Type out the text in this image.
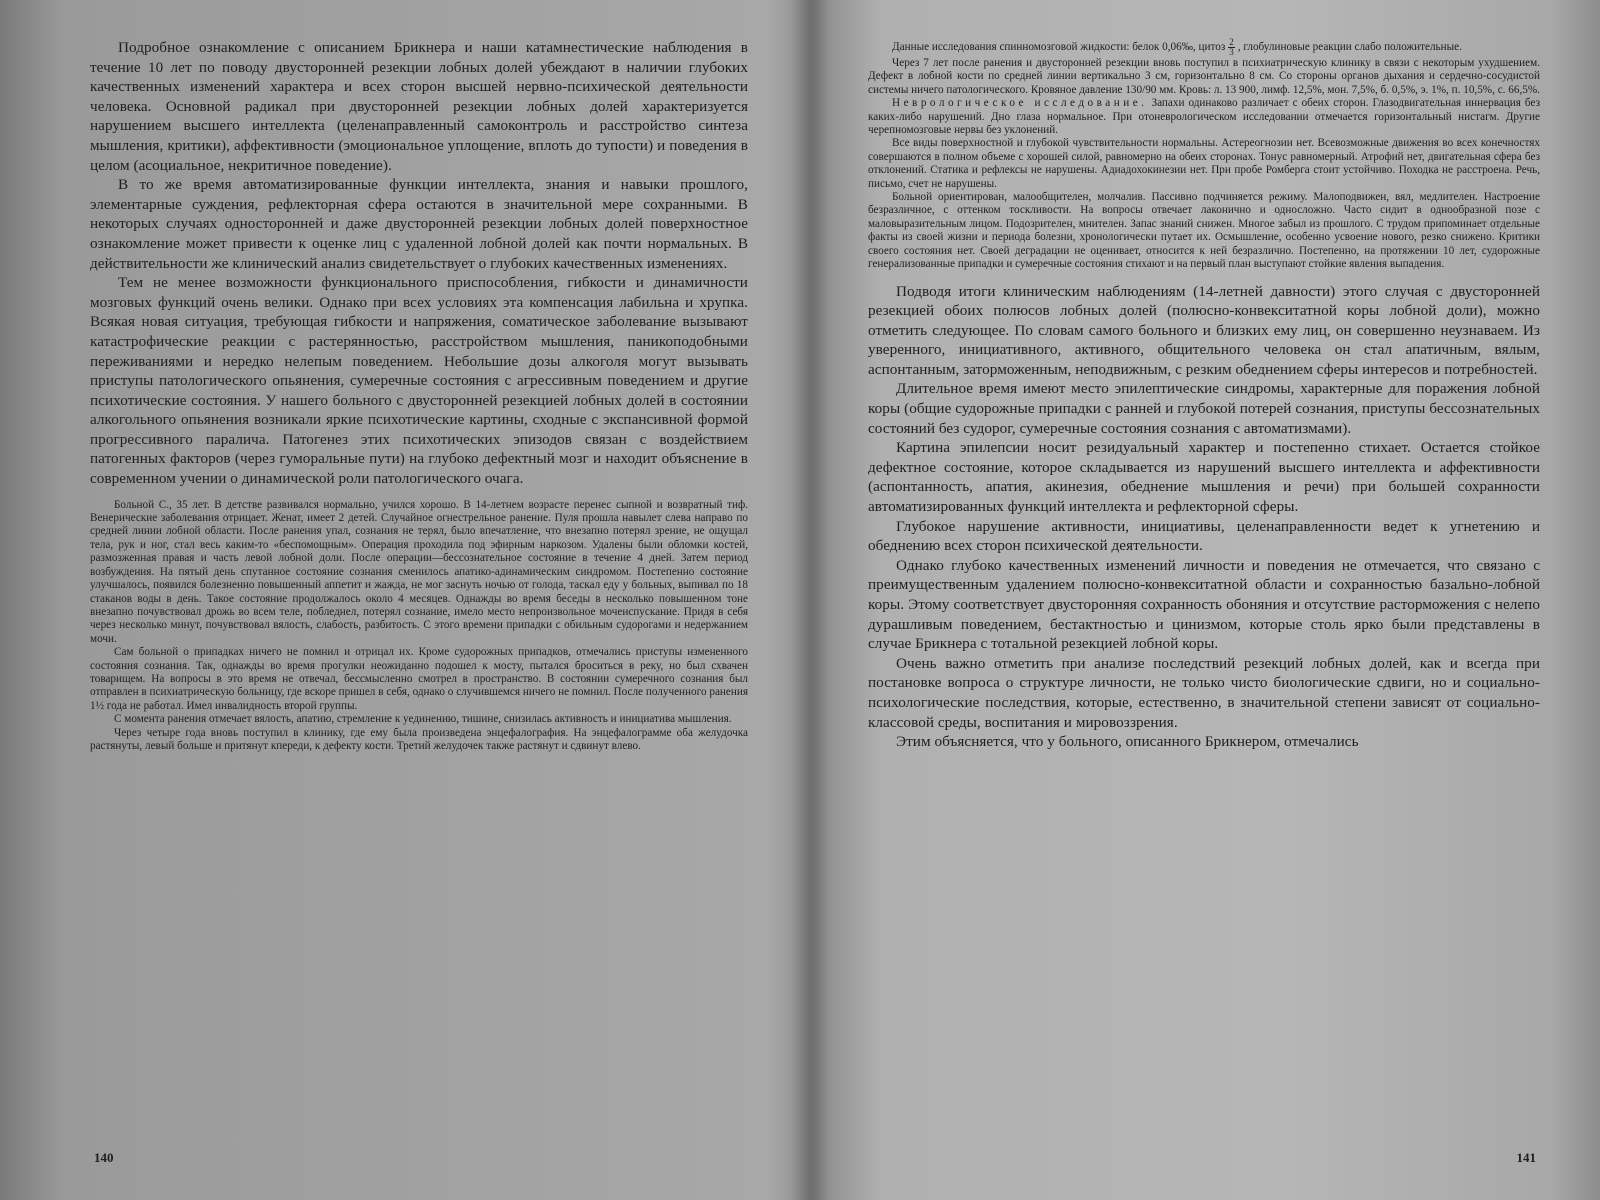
Подробное ознакомление с описанием Брикнера и наши катамнестические наблюдения в течение 10 лет по поводу двусторонней резекции лобных долей убеждают в наличии глубоких качественных изменений характера и всех сторон высшей нервно-психической деятельности человека. Основной радикал при двусторонней резекции лобных долей характеризуется нарушением высшего интеллекта (целенаправленный самоконтроль и расстройство синтеза мышления, критики), аффективности (эмоциональное уплощение, вплоть до тупости) и поведения в целом (асоциальное, некритичное поведение).

В то же время автоматизированные функции интеллекта, знания и навыки прошлого, элементарные суждения, рефлекторная сфера остаются в значительной мере сохранными. В некоторых случаях односторонней и даже двусторонней резекции лобных долей поверхностное ознакомление может привести к оценке лиц с удаленной лобной долей как почти нормальных. В действительности же клинический анализ свидетельствует о глубоких качественных изменениях.

Тем не менее возможности функционального приспособления, гибкости и динамичности мозговых функций очень велики. Однако при всех условиях эта компенсация лабильна и хрупка. Всякая новая ситуация, требующая гибкости и напряжения, соматическое заболевание вызывают катастрофические реакции с растерянностью, расстройством мышления, паникоподобными переживаниями и нередко нелепым поведением. Небольшие дозы алкоголя могут вызывать приступы патологического опьянения, сумеречные состояния с агрессивным поведением и другие психотические состояния. У нашего больного с двусторонней резекцией лобных долей в состоянии алкогольного опьянения возникали яркие психотические картины, сходные с экспансивной формой прогрессивного паралича. Патогенез этих психотических эпизодов связан с воздействием патогенных факторов (через гуморальные пути) на глубоко дефектный мозг и находит объяснение в современном учении о динамической роли патологического очага.

Больной С., 35 лет. В детстве развивался нормально, учился хорошо. В 14-летнем возрасте перенес сыпной и возвратный тиф. Венерические заболевания отрицает. Женат, имеет 2 детей. Случайное огнестрельное ранение. Пуля прошла навылет слева направо по средней линии лобной области. После ранения упал, сознания не терял, было впечатление, что внезапно потерял зрение, не ощущал тела, рук и ног, стал весь каким-то «беспомощным». Операция проходила под эфирным наркозом. Удалены были обломки костей, размозженная правая и часть левой лобной доли. После операции—бессознательное состояние в течение 4 дней. Затем период возбуждения. На пятый день спутанное состояние сознания сменилось апатико-адинамическим синдромом. Постепенно состояние улучшалось, появился болезненно повышенный аппетит и жажда, не мог заснуть ночью от голода, таскал еду у больных, выпивал по 18 стаканов воды в день. Такое состояние продолжалось около 4 месяцев. Однажды во время беседы в несколько повышенном тоне внезапно почувствовал дрожь во всем теле, побледнел, потерял сознание, имело место непроизвольное мочеиспускание. Придя в себя через несколько минут, почувствовал вялость, слабость, разбитость. С этого времени припадки с обильным судорогами и недержанием мочи.

Сам больной о припадках ничего не помнил и отрицал их. Кроме судорожных припадков, отмечались приступы измененного состояния сознания. Так, однажды во время прогулки неожиданно подошел к мосту, пытался броситься в реку, но был схвачен товарищем. На вопросы в это время не отвечал, бессмысленно смотрел в пространство. В состоянии сумеречного сознания был отправлен в психиатрическую больницу, где вскоре пришел в себя, однако о случившемся ничего не помнил. После полученного ранения 1½ года не работал. Имел инвалидность второй группы.

С момента ранения отмечает вялость, апатию, стремление к уединению, тишине, снизилась активность и инициатива мышления.

Через четыре года вновь поступил в клинику, где ему была произведена энцефалография. На энцефалограмме оба желудочка растянуты, левый больше и притянут кпереди, к дефекту кости. Третий желудочек также растянут и сдвинут влево.

140

Данные исследования спинномозговой жидкости: белок 0,06‰, цитоз $\frac{2}{3}$ , глобулиновые реакции слабо положительные.

Через 7 лет после ранения и двусторонней резекции вновь поступил в психиатрическую клинику в связи с некоторым ухудшением. Дефект в лобной кости по средней линии вертикально 3 см, горизонтально 8 см. Со стороны органов дыхания и сердечно-сосудистой системы ничего патологического. Кровяное давление 130/90 мм. Кровь: л. 13 900, лимф. 12,5%, мон. 7,5%, б. 0,5%, э. 1%, п. 10,5%, с. 66,5%.

Неврологическое исследование. Запахи одинаково различает с обеих сторон. Глазодвигательная иннервация без каких-либо нарушений. Дно глаза нормальное. При отоневрологическом исследовании отмечается горизонтальный нистагм. Другие черепномозговые нервы без уклонений.

Все виды поверхностной и глубокой чувствительности нормальны. Астереогнозии нет. Всевозможные движения во всех конечностях совершаются в полном объеме с хорошей силой, равномерно на обеих сторонах. Тонус равномерный. Атрофий нет, двигательная сфера без отклонений. Статика и рефлексы не нарушены. Адиадохокинезии нет. При пробе Ромберга стоит устойчиво. Походка не расстроена. Речь, письмо, счет не нарушены.

Больной ориентирован, малообщителен, молчалив. Пассивно подчиняется режиму. Малоподвижен, вял, медлителен. Настроение безразличное, с оттенком тоскливости. На вопросы отвечает лаконично и односложно. Часто сидит в однообразной позе с маловыразительным лицом. Подозрителен, мнителен. Запас знаний снижен. Многое забыл из прошлого. С трудом припоминает отдельные факты из своей жизни и периода болезни, хронологически путает их. Осмышление, особенно усвоение нового, резко снижено. Критики своего состояния нет. Своей деградации не оценивает, относится к ней безразлично. Постепенно, на протяжении 10 лет, судорожные генерализованные припадки и сумеречные состояния стихают и на первый план выступают стойкие явления выпадения.

Подводя итоги клиническим наблюдениям (14-летней давности) этого случая с двусторонней резекцией обоих полюсов лобных долей (полюсно-конвекситатной коры лобной доли), можно отметить следующее. По словам самого больного и близких ему лиц, он совершенно неузнаваем. Из уверенного, инициативного, активного, общительного человека он стал апатичным, вялым, аспонтанным, заторможенным, неподвижным, с резким обеднением сферы интересов и потребностей.

Длительное время имеют место эпилептические синдромы, характерные для поражения лобной коры (общие судорожные припадки с ранней и глубокой потерей сознания, приступы бессознательных состояний без судорог, сумеречные состояния сознания с автоматизмами).

Картина эпилепсии носит резидуальный характер и постепенно стихает. Остается стойкое дефектное состояние, которое складывается из нарушений высшего интеллекта и аффективности (аспонтанность, апатия, акинезия, обеднение мышления и речи) при большей сохранности автоматизированных функций интеллекта и рефлекторной сферы.

Глубокое нарушение активности, инициативы, целенаправленности ведет к угнетению и обеднению всех сторон психической деятельности.

Однако глубоко качественных изменений личности и поведения не отмечается, что связано с преимущественным удалением полюсно-конвекситатной области и сохранностью базально-лобной коры. Этому соответствует двусторонняя сохранность обоняния и отсутствие расторможения с нелепо дурашливым поведением, бестактностью и цинизмом, которые столь ярко были представлены в случае Брикнера с тотальной резекцией лобной коры.

Очень важно отметить при анализе последствий резекций лобных долей, как и всегда при постановке вопроса о структуре личности, не только чисто биологические сдвиги, но и социально-психологические последствия, которые, естественно, в значительной степени зависят от социально-классовой среды, воспитания и мировоззрения.

Этим объясняется, что у больного, описанного Брикнером, отмечались

141
